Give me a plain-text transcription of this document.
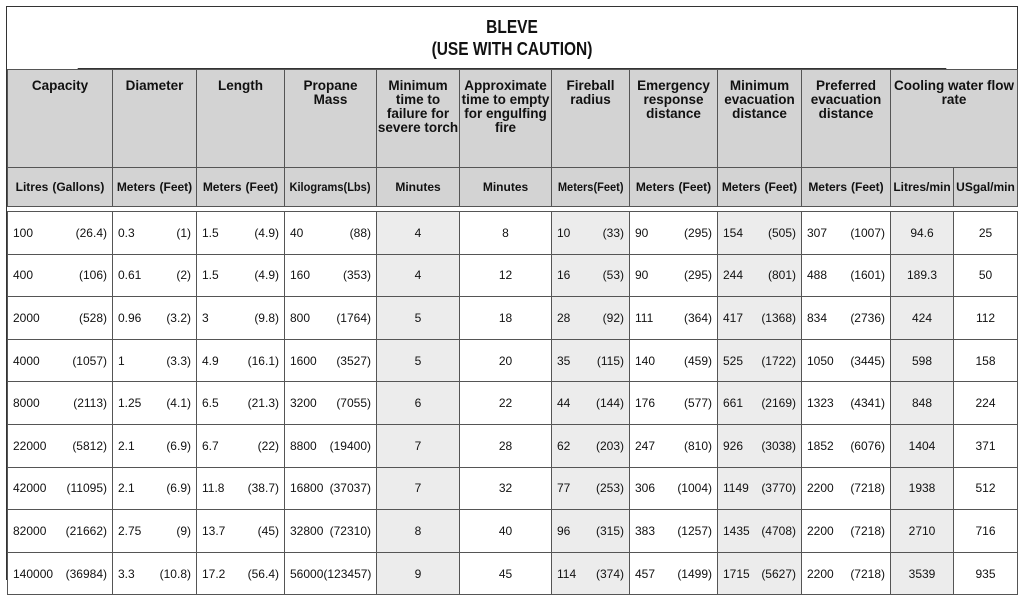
BLEVE
(USE WITH CAUTION)
Capacity	Diameter	Length	Propane Mass	Minimum time to failure for severe torch	Approximate time to empty for engulfing fire	Fireball radius	Emergency response distance	Minimum evacuation distance	Preferred evacuation distance	Cooling water flow rate	

Litres (Gallons)	Meters (Feet)	Meters (Feet)	Kilograms(Lbs)	Minutes	Minutes	Meters(Feet)	Meters (Feet)	Meters (Feet)	Meters (Feet)	Litres/min	USgal/min

100 (26.4)	0.3 (1)	1.5 (4.9)	40 (88)	4	8	10 (33)	90 (295)	154 (505)	307 (1007)	94.6	25

400 (106)	0.61 (2)	1.5 (4.9)	160 (353)	4	12	16 (53)	90 (295)	244 (801)	488 (1601)	189.3	50

2000 (528)	0.96 (3.2)	3 (9.8)	800 (1764)	5	18	28 (92)	111 (364)	417 (1368)	834 (2736)	424	112

4000 (1057)	1 (3.3)	4.9 (16.1)	1600 (3527)	5	20	35 (115)	140 (459)	525 (1722)	1050 (3445)	598	158

8000 (2113)	1.25 (4.1)	6.5 (21.3)	3200 (7055)	6	22	44 (144)	176 (577)	661 (2169)	1323 (4341)	848	224

22000 (5812)	2.1 (6.9)	6.7 (22)	8800 (19400)	7	28	62 (203)	247 (810)	926 (3038)	1852 (6076)	1404	371

42000 (11095)	2.1 (6.9)	11.8 (38.7)	16800 (37037)	7	32	77 (253)	306 (1004)	1149 (3770)	2200 (7218)	1938	512

82000 (21662)	2.75 (9)	13.7 (45)	32800 (72310)	8	40	96 (315)	383 (1257)	1435 (4708)	2200 (7218)	2710	716

140000 (36984)	3.3 (10.8)	17.2 (56.4)	56000 (123457)	9	45	114 (374)	457 (1499)	1715 (5627)	2200 (7218)	3539	935
